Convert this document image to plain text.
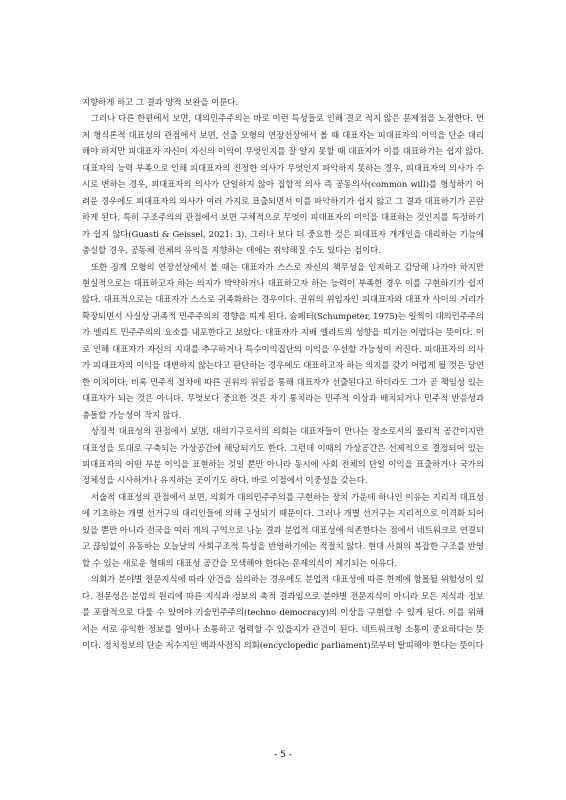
지향하게 하고 그 결과 양적 보완을 이룬다.

그러나 다른 한편에서 보면, 대의민주주의는 바로 이런 특성들로 인해 결코 적지 않은 문제점을 노정한다. 먼저 형식론적 대표성의 관점에서 보면, 선출 모형의 연장선상에서 볼 때 대표자는 피대표자의 이익을 단순 대리해야 하지만 피대표자 자신이 자신의 이익이 무엇인지를 잘 알지 못할 때 대표자가 이를 대표하기는 쉽지 않다. 대표자의 능력 부족으로 인해 피대표자의 진정한 의사가 무엇인지 파악하지 못하는 경우, 피대표자의 의사가 수시로 변하는 경우, 피대표자의 의사가 단일하지 않아 집합적 의사 즉 공동의사(common will)를 형성하기 어려운 경우에도 피대표자의 의사가 여러 가지로 표출되면서 이를 파악하기가 쉽지 않고 그 결과 대표하기가 곤란하게 된다. 특히 구조주의의 관점에서 보면 구체적으로 무엇이 피대표자의 이익을 대표하는 것인지를 특정하기가 쉽지 않다(Guasti & Geissel, 2021: 3). 그러나 보다 더 중요한 것은 피대표자 개개인을 대리하는 기능에 충실할 경우, 공동체 전체의 유익을 지향하는 데에는 취약해질 수도 있다는 점이다.

또한 징계 모형의 연장선상에서 볼 때는 대표자가 스스로 자신의 책무성을 인지하고 감당해 나가야 하지만 현실적으로는 대표하고자 하는 의지가 박약하거나 대표하고자 하는 능력이 부족한 경우 이를 구현하기가 쉽지 않다. 대표적으로는 대표자가 스스로 귀족화하는 경우이다. 권위의 위임자인 피대표자와 대표자 사이의 거리가 확장되면서 사실상 귀족적 민주주의의 경향을 띠게 된다. 슘페터(Schumpeter, 1975)는 일찍이 대의민주주의가 엘리트 민주주의의 요소를 내포한다고 보았다. 대표자가 지배 엘리트의 성향을 띠기는 어렵다는 뜻이다. 이로 인해 대표자가 자신의 지대를 추구하거나 특수이익집단의 이익을 우선할 가능성이 커진다. 피대표자의 의사가 피대표자의 이익을 대변하지 않는다고 판단하는 경우에도 대표하고자 하는 의지를 갖기 어렵게 될 것은 당연한 이치이다. 비록 민주적 절차에 따른 권위의 위임을 통해 대표자가 선출된다고 하더라도 그가 곧 책임성 있는 대표자가 되는 것은 아니다. 무엇보다 중요한 것은 자기 통치라는 민주적 이상과 배치되거나 민주적 반응성과 충돌할 가능성이 작지 않다.

상징적 대표성의 관점에서 보면, 대의기구로서의 의회는 대표자들이 만나는 장소로서의 물리적 공간이지만 대표성을 토대로 구축되는 가상공간에 해당되기도 한다. 그런데 이때의 가상공간은 선제적으로 결정되어 있는 피대표자의 어떤 부분 이익을 표현하는 것일 뿐만 아니라 동시에 사회 전체의 단일 이익을 표출하거나 국가의 정체성을 시사하거나 유지하는 곳이기도 하다. 바로 이점에서 이중성을 갖는다.

서술적 대표성의 관점에서 보면, 의회가 대의민주주의를 구현하는 장치 가운데 하나인 이유는 지리적 대표성에 기초하는 개별 선거구의 대리인들에 의해 구성되기 때문이다. 그러나 개별 선거구는 지리적으로 이격화 되어 있을 뿐만 아니라 전국을 여러 개의 구역으로 나눈 결과 분업적 대표성에 의존한다는 점에서 네트워크로 연결되고 끊임없이 유동하는 오늘날의 사회구조적 특성을 반영하기에는 적절치 않다. 현대 사회의 복잡한 구조를 반영할 수 있는 새로운 형태의 대표성 공간을 모색해야 한다는 문제의식이 제기되는 이유다.

의회가 분야별 전문지식에 따라 안건을 심의하는 경우에도 분업적 대표성에 따른 한계에 함몰될 위험성이 있다. 전문성은 분업의 원리에 따른 지식과 정보의 축적 결과임으로 분야별 전문지식이 아니라 모든 지식과 정보를 포괄적으로 다룰 수 있어야 기술민주주의(techno democracy)의 이상을 구현할 수 있게 된다. 이를 위해서는 서로 유익한 정보를 얼마나 소통하고 협력할 수 있을지가 관건이 된다. 네트워크형 소통이 중요하다는 뜻이다. 정치정보의 단순 저수지인 백과사전식 의회(encyclopedic parliament)로부터 탈피해야 한다는 뜻이다

- 5 -
